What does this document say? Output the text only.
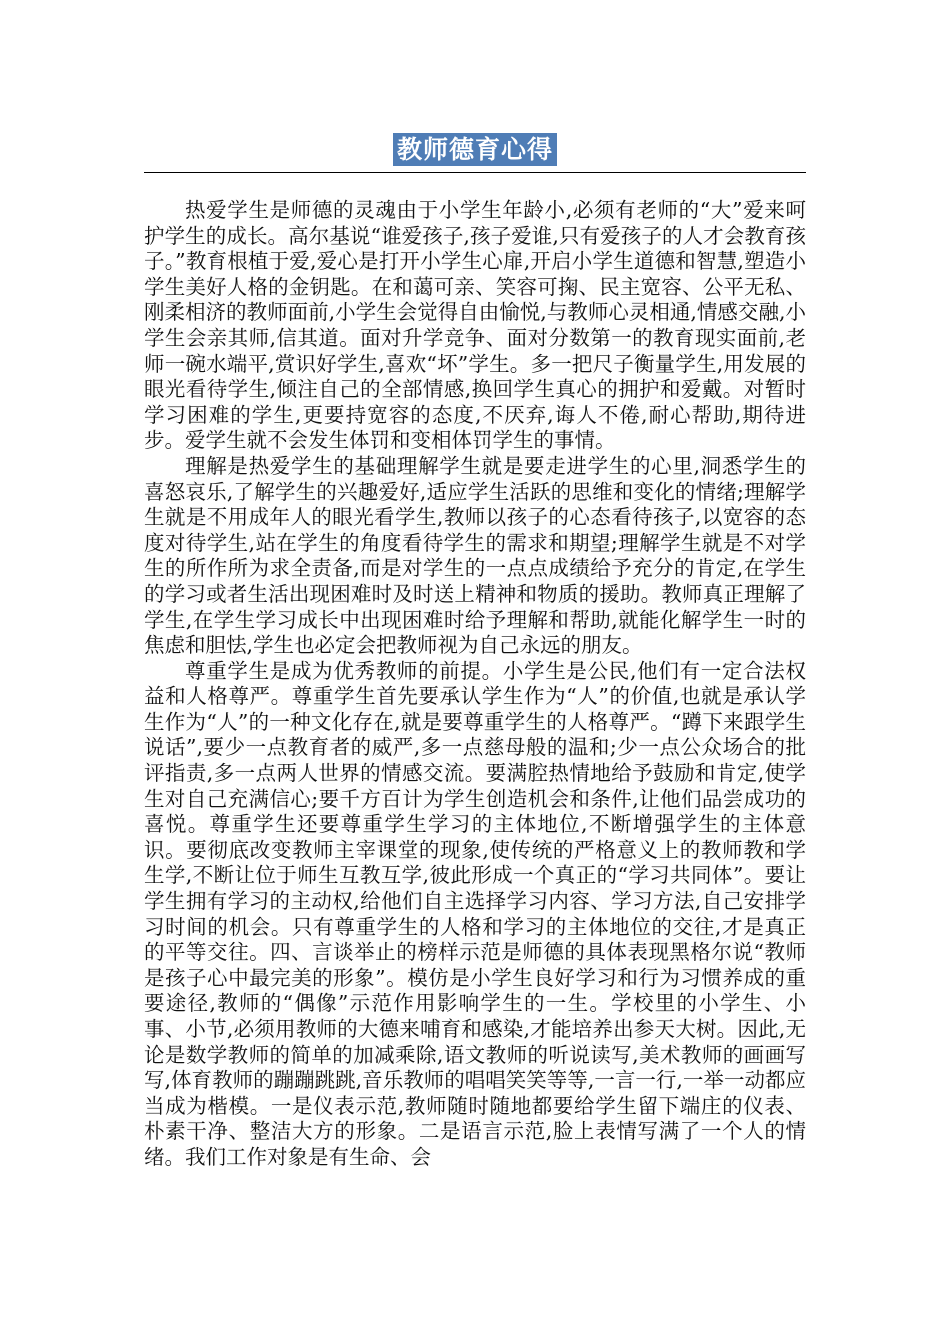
教师德育心得

热爱学生是师德的灵魂由于小学生年龄小,必须有老师的“大”爱来呵护学生的成长。高尔基说“谁爱孩子,孩子爱谁,只有爱孩子的人才会教育孩子。”教育根植于爱,爱心是打开小学生心扉,开启小学生道德和智慧,塑造小学生美好人格的金钥匙。在和蔼可亲、笑容可掬、民主宽容、公平无私、刚柔相济的教师面前,小学生会觉得自由愉悦,与教师心灵相通,情感交融,小学生会亲其师,信其道。面对升学竞争、面对分数第一的教育现实面前,老师一碗水端平,赏识好学生,喜欢“坏”学生。多一把尺子衡量学生,用发展的眼光看待学生,倾注自己的全部情感,换回学生真心的拥护和爱戴。对暂时学习困难的学生,更要持宽容的态度,不厌弃,诲人不倦,耐心帮助,期待进步。爱学生就不会发生体罚和变相体罚学生的事情。

理解是热爱学生的基础理解学生就是要走进学生的心里,洞悉学生的喜怒哀乐,了解学生的兴趣爱好,适应学生活跃的思维和变化的情绪;理解学生就是不用成年人的眼光看学生,教师以孩子的心态看待孩子,以宽容的态度对待学生,站在学生的角度看待学生的需求和期望;理解学生就是不对学生的所作所为求全责备,而是对学生的一点点成绩给予充分的肯定,在学生的学习或者生活出现困难时及时送上精神和物质的援助。教师真正理解了学生,在学生学习成长中出现困难时给予理解和帮助,就能化解学生一时的焦虑和胆怯,学生也必定会把教师视为自己永远的朋友。

尊重学生是成为优秀教师的前提。小学生是公民,他们有一定合法权益和人格尊严。尊重学生首先要承认学生作为“人”的价值,也就是承认学生作为“人”的一种文化存在,就是要尊重学生的人格尊严。“蹲下来跟学生说话”,要少一点教育者的威严,多一点慈母般的温和;少一点公众场合的批评指责,多一点两人世界的情感交流。要满腔热情地给予鼓励和肯定,使学生对自己充满信心;要千方百计为学生创造机会和条件,让他们品尝成功的喜悦。尊重学生还要尊重学生学习的主体地位,不断增强学生的主体意识。要彻底改变教师主宰课堂的现象,使传统的严格意义上的教师教和学生学,不断让位于师生互教互学,彼此形成一个真正的“学习共同体”。要让学生拥有学习的主动权,给他们自主选择学习内容、学习方法,自己安排学习时间的机会。只有尊重学生的人格和学习的主体地位的交往,才是真正的平等交往。四、言谈举止的榜样示范是师德的具体表现黑格尔说“教师是孩子心中最完美的形象”。模仿是小学生良好学习和行为习惯养成的重要途径,教师的“偶像”示范作用影响学生的一生。学校里的小学生、小事、小节,必须用教师的大德来哺育和感染,才能培养出参天大树。因此,无论是数学教师的简单的加减乘除,语文教师的听说读写,美术教师的画画写写,体育教师的蹦蹦跳跳,音乐教师的唱唱笑笑等等,一言一行,一举一动都应当成为楷模。一是仪表示范,教师随时随地都要给学生留下端庄的仪表、朴素干净、整洁大方的形象。二是语言示范,脸上表情写满了一个人的情绪。我们工作对象是有生命、会
